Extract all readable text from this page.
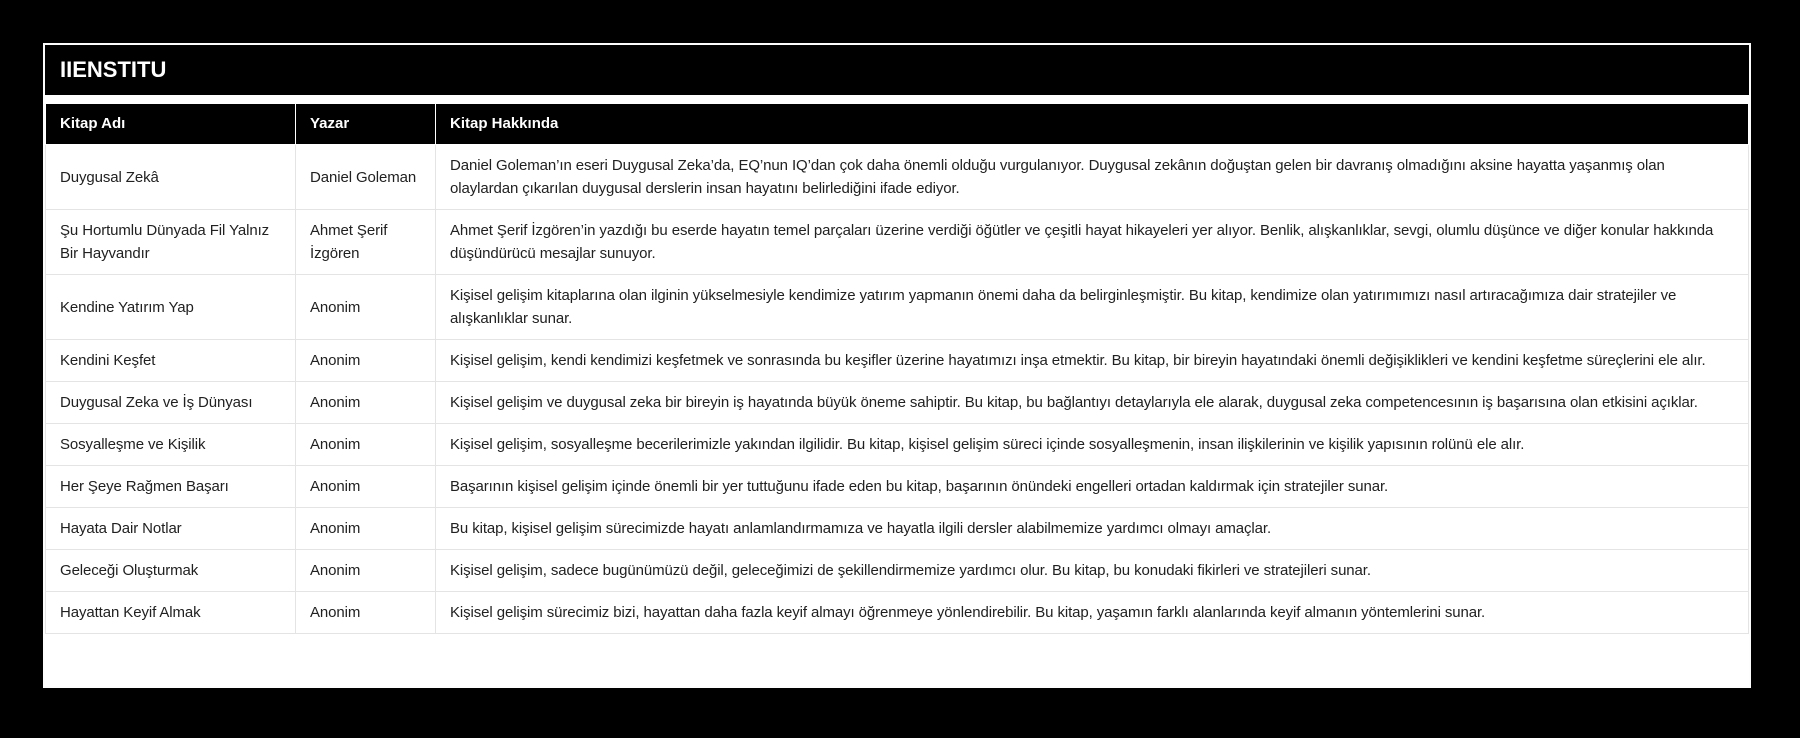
IIENSTITU
Kitap Adı	Yazar	Kitap Hakkında
Duygusal Zekâ	Daniel Goleman	Daniel Goleman’ın eseri Duygusal Zeka’da, EQ’nun IQ’dan çok daha önemli olduğu vurgulanıyor. Duygusal zekânın doğuştan gelen bir davranış olmadığını aksine hayatta yaşanmış olan olaylardan çıkarılan duygusal derslerin insan hayatını belirlediğini ifade ediyor.
Şu Hortumlu Dünyada Fil Yalnız Bir Hayvandır	Ahmet Şerif İzgören	Ahmet Şerif İzgören’in yazdığı bu eserde hayatın temel parçaları üzerine verdiği öğütler ve çeşitli hayat hikayeleri yer alıyor. Benlik, alışkanlıklar, sevgi, olumlu düşünce ve diğer konular hakkında düşündürücü mesajlar sunuyor.
Kendine Yatırım Yap	Anonim	Kişisel gelişim kitaplarına olan ilginin yükselmesiyle kendimize yatırım yapmanın önemi daha da belirginleşmiştir. Bu kitap, kendimize olan yatırımımızı nasıl artıracağımıza dair stratejiler ve alışkanlıklar sunar.
Kendini Keşfet	Anonim	Kişisel gelişim, kendi kendimizi keşfetmek ve sonrasında bu keşifler üzerine hayatımızı inşa etmektir. Bu kitap, bir bireyin hayatındaki önemli değişiklikleri ve kendini keşfetme süreçlerini ele alır.
Duygusal Zeka ve İş Dünyası	Anonim	Kişisel gelişim ve duygusal zeka bir bireyin iş hayatında büyük öneme sahiptir. Bu kitap, bu bağlantıyı detaylarıyla ele alarak, duygusal zeka competencesının iş başarısına olan etkisini açıklar.
Sosyalleşme ve Kişilik	Anonim	Kişisel gelişim, sosyalleşme becerilerimizle yakından ilgilidir. Bu kitap, kişisel gelişim süreci içinde sosyalleşmenin, insan ilişkilerinin ve kişilik yapısının rolünü ele alır.
Her Şeye Rağmen Başarı	Anonim	Başarının kişisel gelişim içinde önemli bir yer tuttuğunu ifade eden bu kitap, başarının önündeki engelleri ortadan kaldırmak için stratejiler sunar.
Hayata Dair Notlar	Anonim	Bu kitap, kişisel gelişim sürecimizde hayatı anlamlandırmamıza ve hayatla ilgili dersler alabilmemize yardımcı olmayı amaçlar.
Geleceği Oluşturmak	Anonim	Kişisel gelişim, sadece bugünümüzü değil, geleceğimizi de şekillendirmemize yardımcı olur. Bu kitap, bu konudaki fikirleri ve stratejileri sunar.
Hayattan Keyif Almak	Anonim	Kişisel gelişim sürecimiz bizi, hayattan daha fazla keyif almayı öğrenmeye yönlendirebilir. Bu kitap, yaşamın farklı alanlarında keyif almanın yöntemlerini sunar.
